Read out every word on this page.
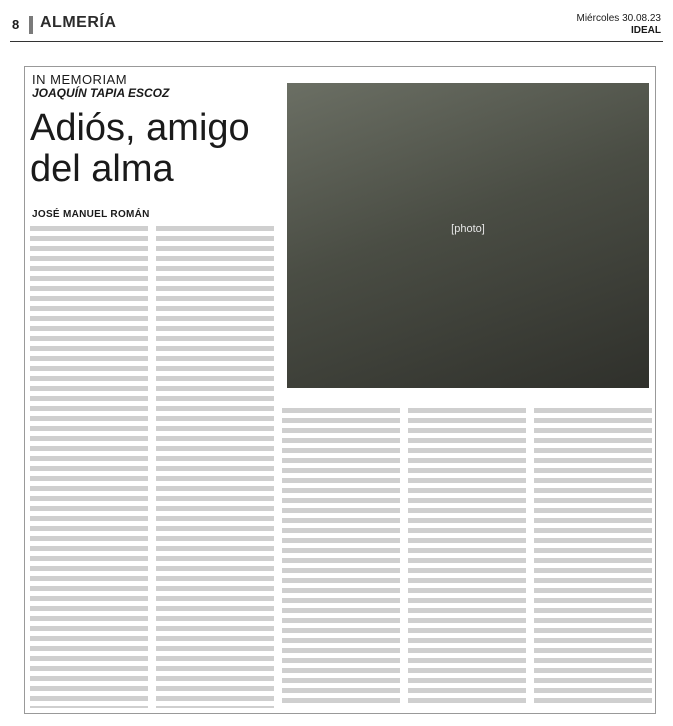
8 ALMERÍA	Miércoles 30.08.23
IDEAL
IN MEMORIAM
JOAQUÍN TAPIA ESCOZ
Adiós, amigo del alma
JOSÉ MANUEL ROMÁN
[photo]
